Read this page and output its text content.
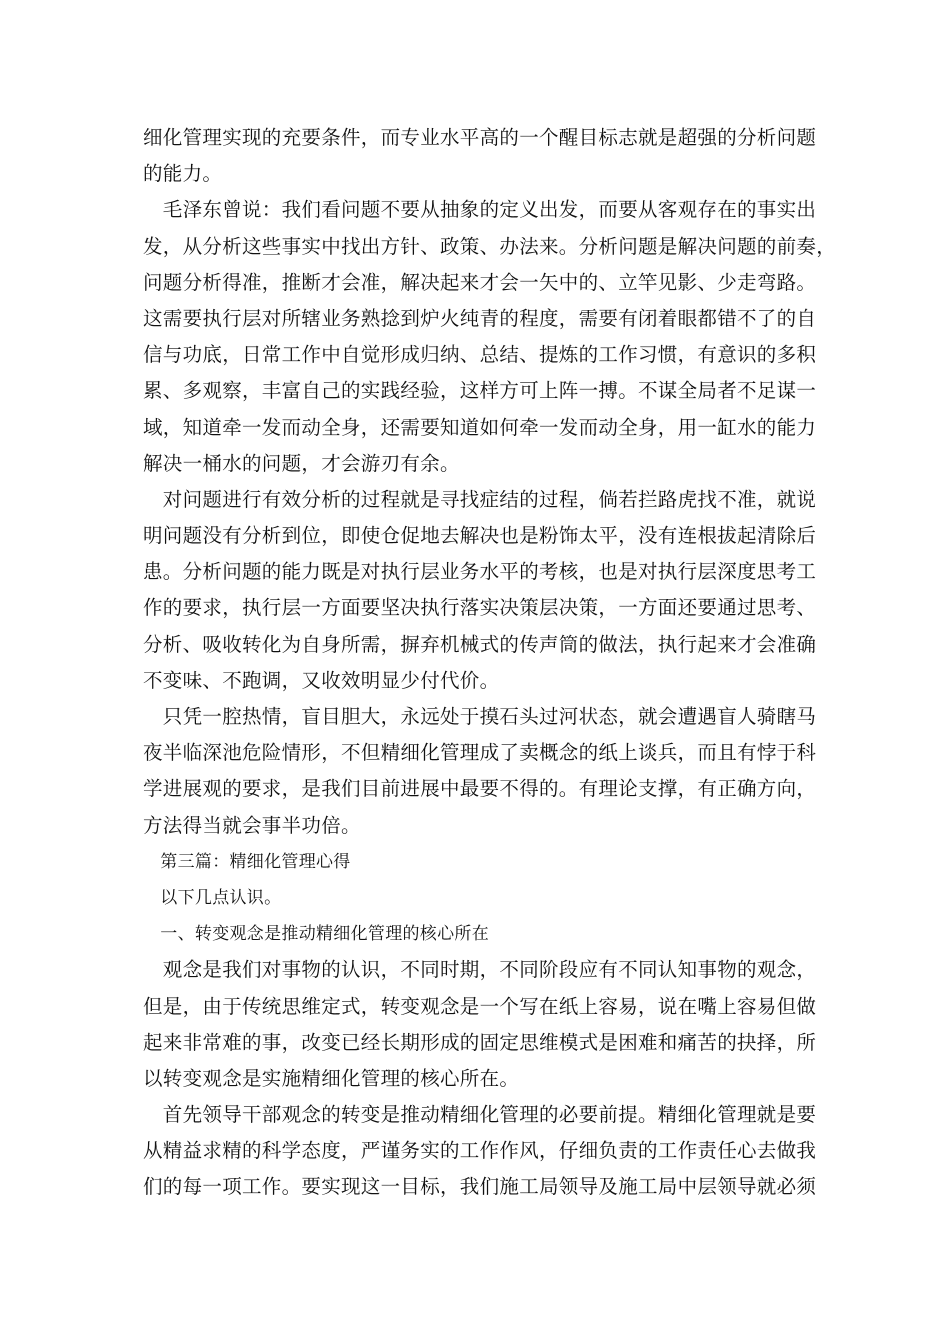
细化管理实现的充要条件，而专业水平高的一个醒目标志就是超强的分析问题
的能力。
　毛泽东曾说：我们看问题不要从抽象的定义出发，而要从客观存在的事实出
发，从分析这些事实中找出方针、政策、办法来。分析问题是解决问题的前奏，
问题分析得准，推断才会准，解决起来才会一矢中的、立竿见影、少走弯路。
这需要执行层对所辖业务熟捻到炉火纯青的程度，需要有闭着眼都错不了的自
信与功底，日常工作中自觉形成归纳、总结、提炼的工作习惯，有意识的多积
累、多观察，丰富自己的实践经验，这样方可上阵一搏。不谋全局者不足谋一
域，知道牵一发而动全身，还需要知道如何牵一发而动全身，用一缸水的能力
解决一桶水的问题，才会游刃有余。
　对问题进行有效分析的过程就是寻找症结的过程，倘若拦路虎找不准，就说
明问题没有分析到位，即使仓促地去解决也是粉饰太平，没有连根拔起清除后
患。分析问题的能力既是对执行层业务水平的考核，也是对执行层深度思考工
作的要求，执行层一方面要坚决执行落实决策层决策，一方面还要通过思考、
分析、吸收转化为自身所需，摒弃机械式的传声筒的做法，执行起来才会准确
不变味、不跑调，又收效明显少付代价。
　只凭一腔热情，盲目胆大，永远处于摸石头过河状态，就会遭遇盲人骑瞎马
夜半临深池危险情形，不但精细化管理成了卖概念的纸上谈兵，而且有悖于科
学进展观的要求，是我们目前进展中最要不得的。有理论支撑，有正确方向，
方法得当就会事半功倍。
　第三篇：精细化管理心得
　以下几点认识。
　一、转变观念是推动精细化管理的核心所在
　观念是我们对事物的认识，不同时期，不同阶段应有不同认知事物的观念，
但是，由于传统思维定式，转变观念是一个写在纸上容易，说在嘴上容易但做
起来非常难的事，改变已经长期形成的固定思维模式是困难和痛苦的抉择，所
以转变观念是实施精细化管理的核心所在。
　首先领导干部观念的转变是推动精细化管理的必要前提。精细化管理就是要
从精益求精的科学态度，严谨务实的工作作风，仔细负责的工作责任心去做我
们的每一项工作。要实现这一目标，我们施工局领导及施工局中层领导就必须
